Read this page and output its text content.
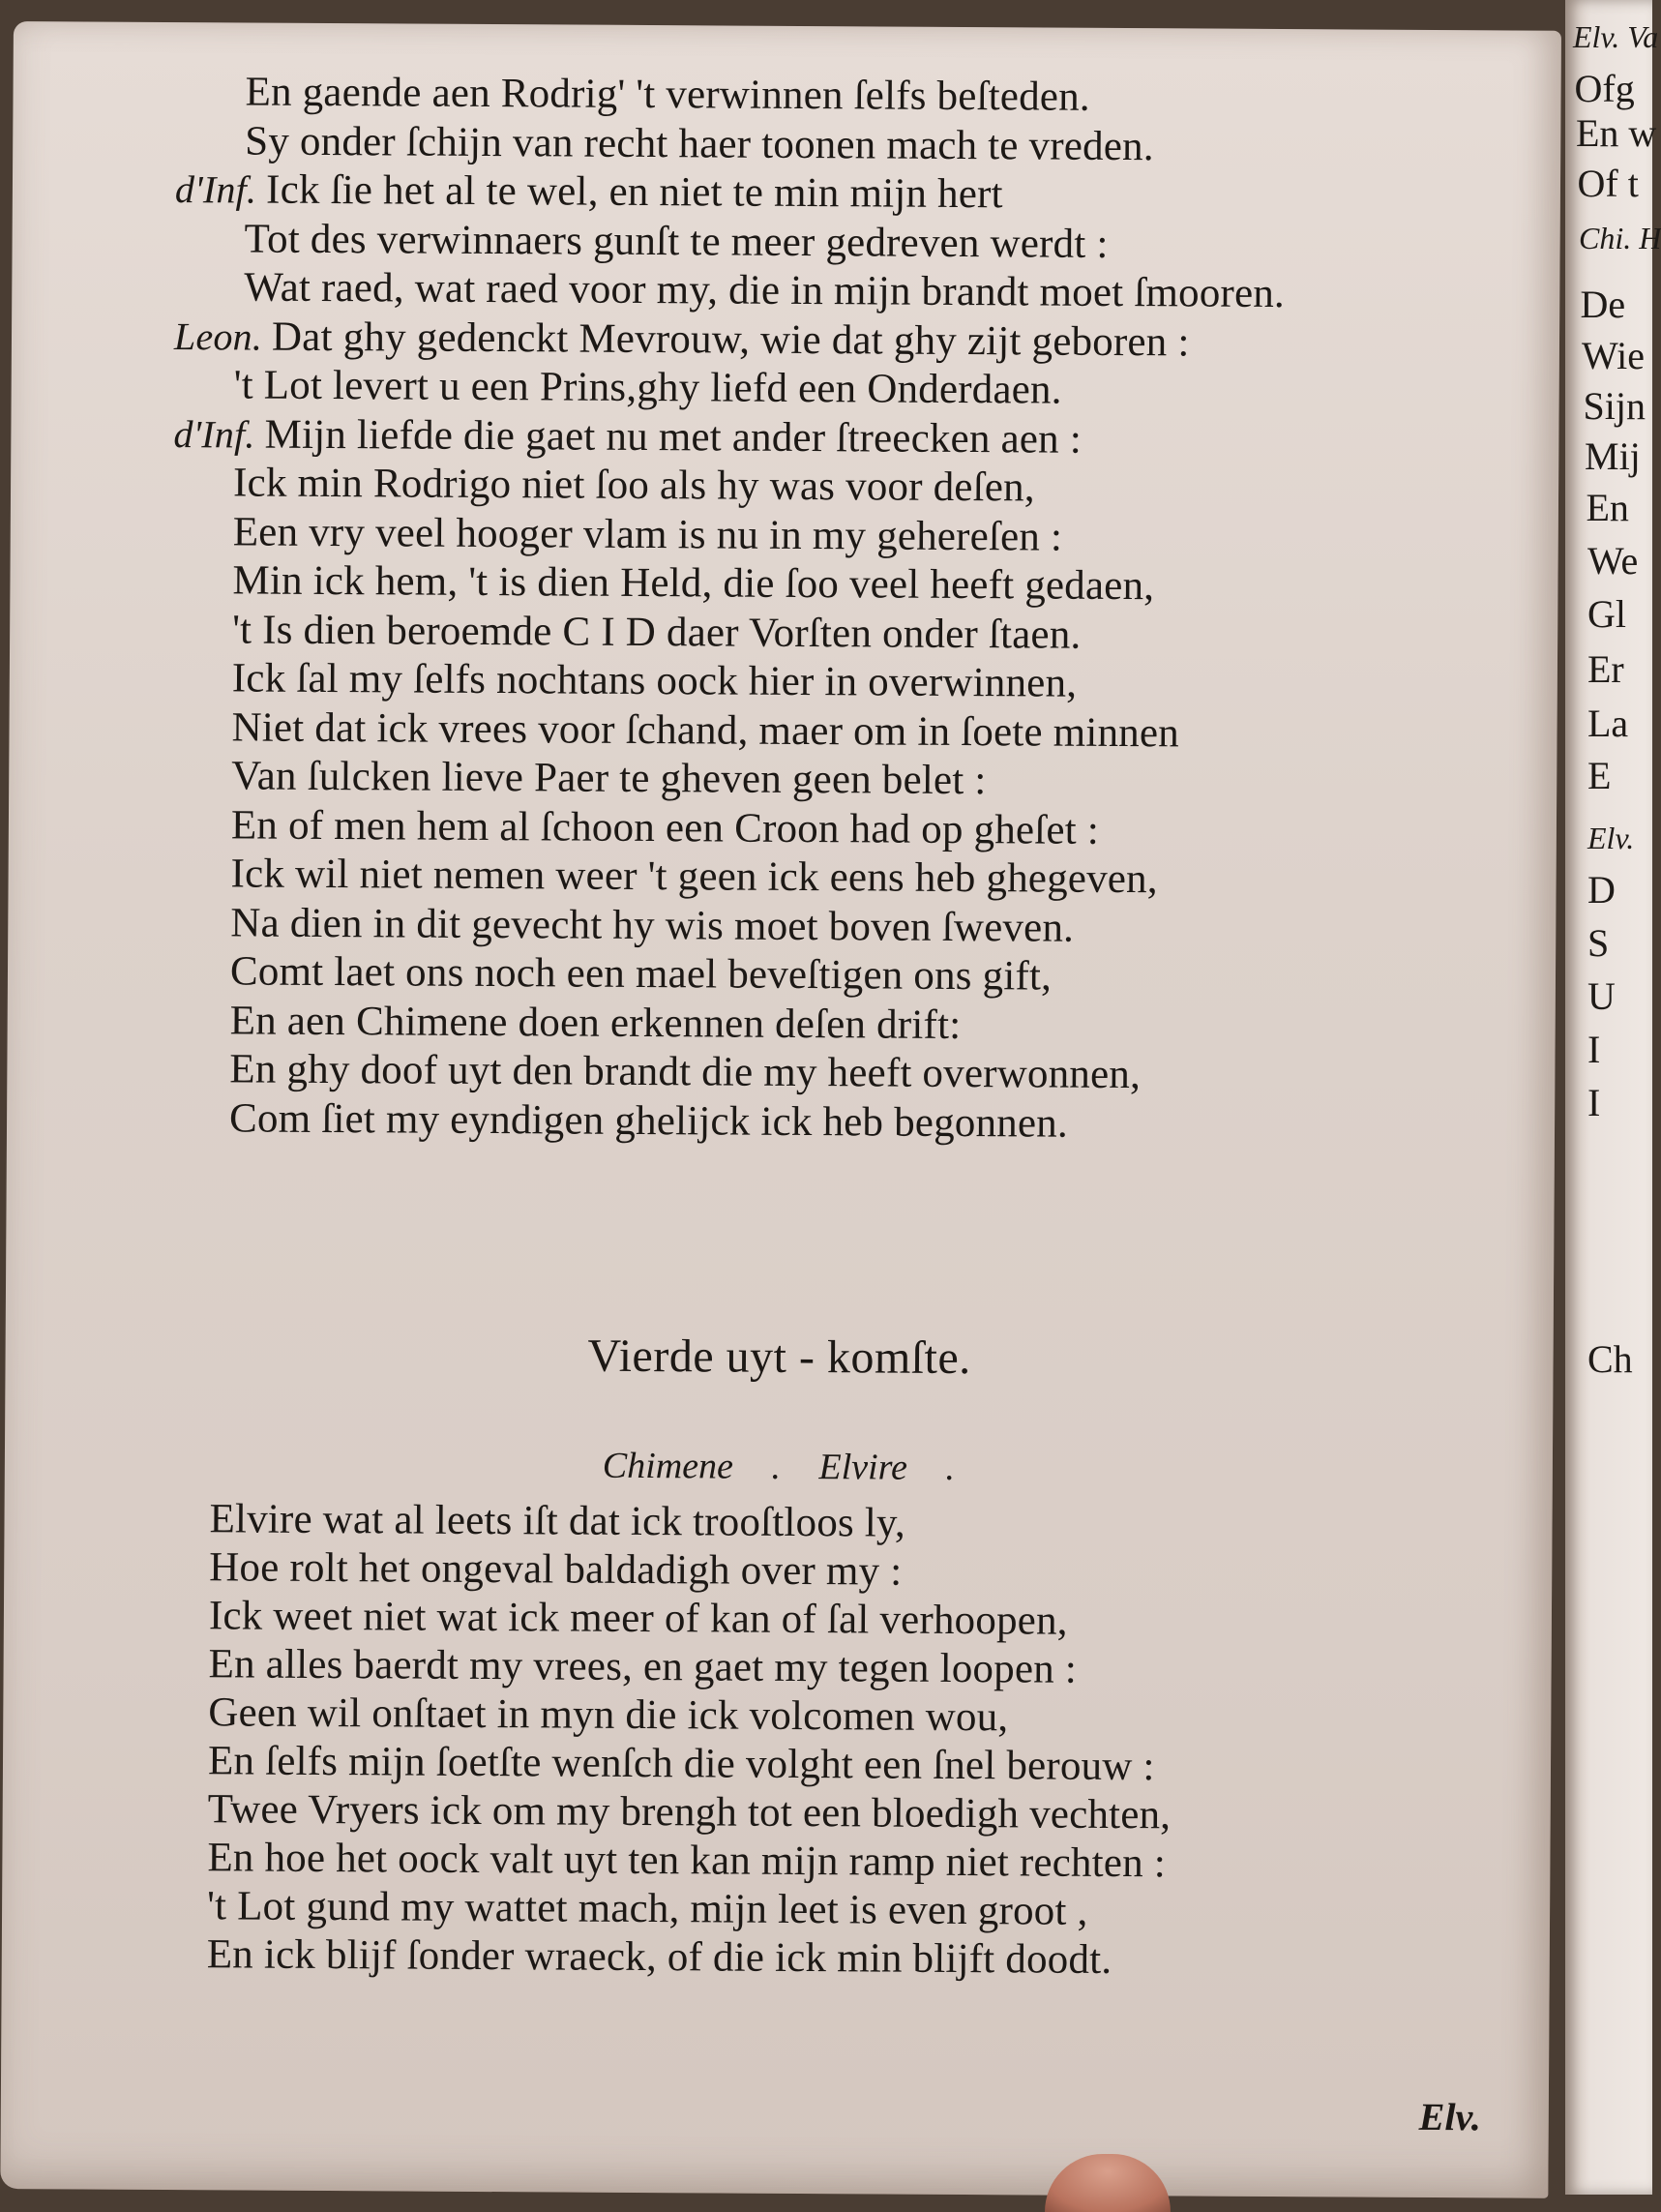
Elv. Va
Ofg
En w
Of t
Chi. H
De
Wie
Sijn
Mij
En
We
Gl
Er
La
E
Elv.
D
S
U
I
I
Ch
En gaende aen Rodrig' 't verwinnen ſelfs beſteden.
Sy onder ſchijn van recht haer toonen mach te vreden.
d'Inf. Ick ſie het al te wel, en niet te min mijn hert
Tot des verwinnaers gunſt te meer gedreven werdt :
Wat raed, wat raed voor my, die in mijn brandt moet ſmooren.
Leon. Dat ghy gedenckt Mevrouw, wie dat ghy zijt geboren :
't Lot levert u een Prins,ghy liefd een Onderdaen.
d'Inf. Mijn liefde die gaet nu met ander ſtreecken aen :
Ick min Rodrigo niet ſoo als hy was voor deſen,
Een vry veel hooger vlam is nu in my gehereſen :
Min ick hem, 't is dien Held, die ſoo veel heeft gedaen,
't Is dien beroemde C I D daer Vorſten onder ſtaen.
Ick ſal my ſelfs nochtans oock hier in overwinnen,
Niet dat ick vrees voor ſchand, maer om in ſoete minnen
Van ſulcken lieve Paer te gheven geen belet :
En of men hem al ſchoon een Croon had op gheſet :
Ick wil niet nemen weer 't geen ick eens heb ghegeven,
Na dien in dit gevecht hy wis moet boven ſweven.
Comt laet ons noch een mael beveſtigen ons gift,
En aen Chimene doen erkennen deſen drift:
En ghy doof uyt den brandt die my heeft overwonnen,
Com ſiet my eyndigen ghelijck ick heb begonnen.
Vierde uyt - komſte.
Chimene . Elvire .
Elvire wat al leets iſt dat ick trooſtloos ly,
Hoe rolt het ongeval baldadigh over my :
Ick weet niet wat ick meer of kan of ſal verhoopen,
En alles baerdt my vrees, en gaet my tegen loopen :
Geen wil onſtaet in myn die ick volcomen wou,
En ſelfs mijn ſoetſte wenſch die volght een ſnel berouw :
Twee Vryers ick om my brengh tot een bloedigh vechten,
En hoe het oock valt uyt ten kan mijn ramp niet rechten :
't Lot gund my wattet mach, mijn leet is even groot ,
En ick blijf ſonder wraeck, of die ick min blijft doodt.
Elv.
